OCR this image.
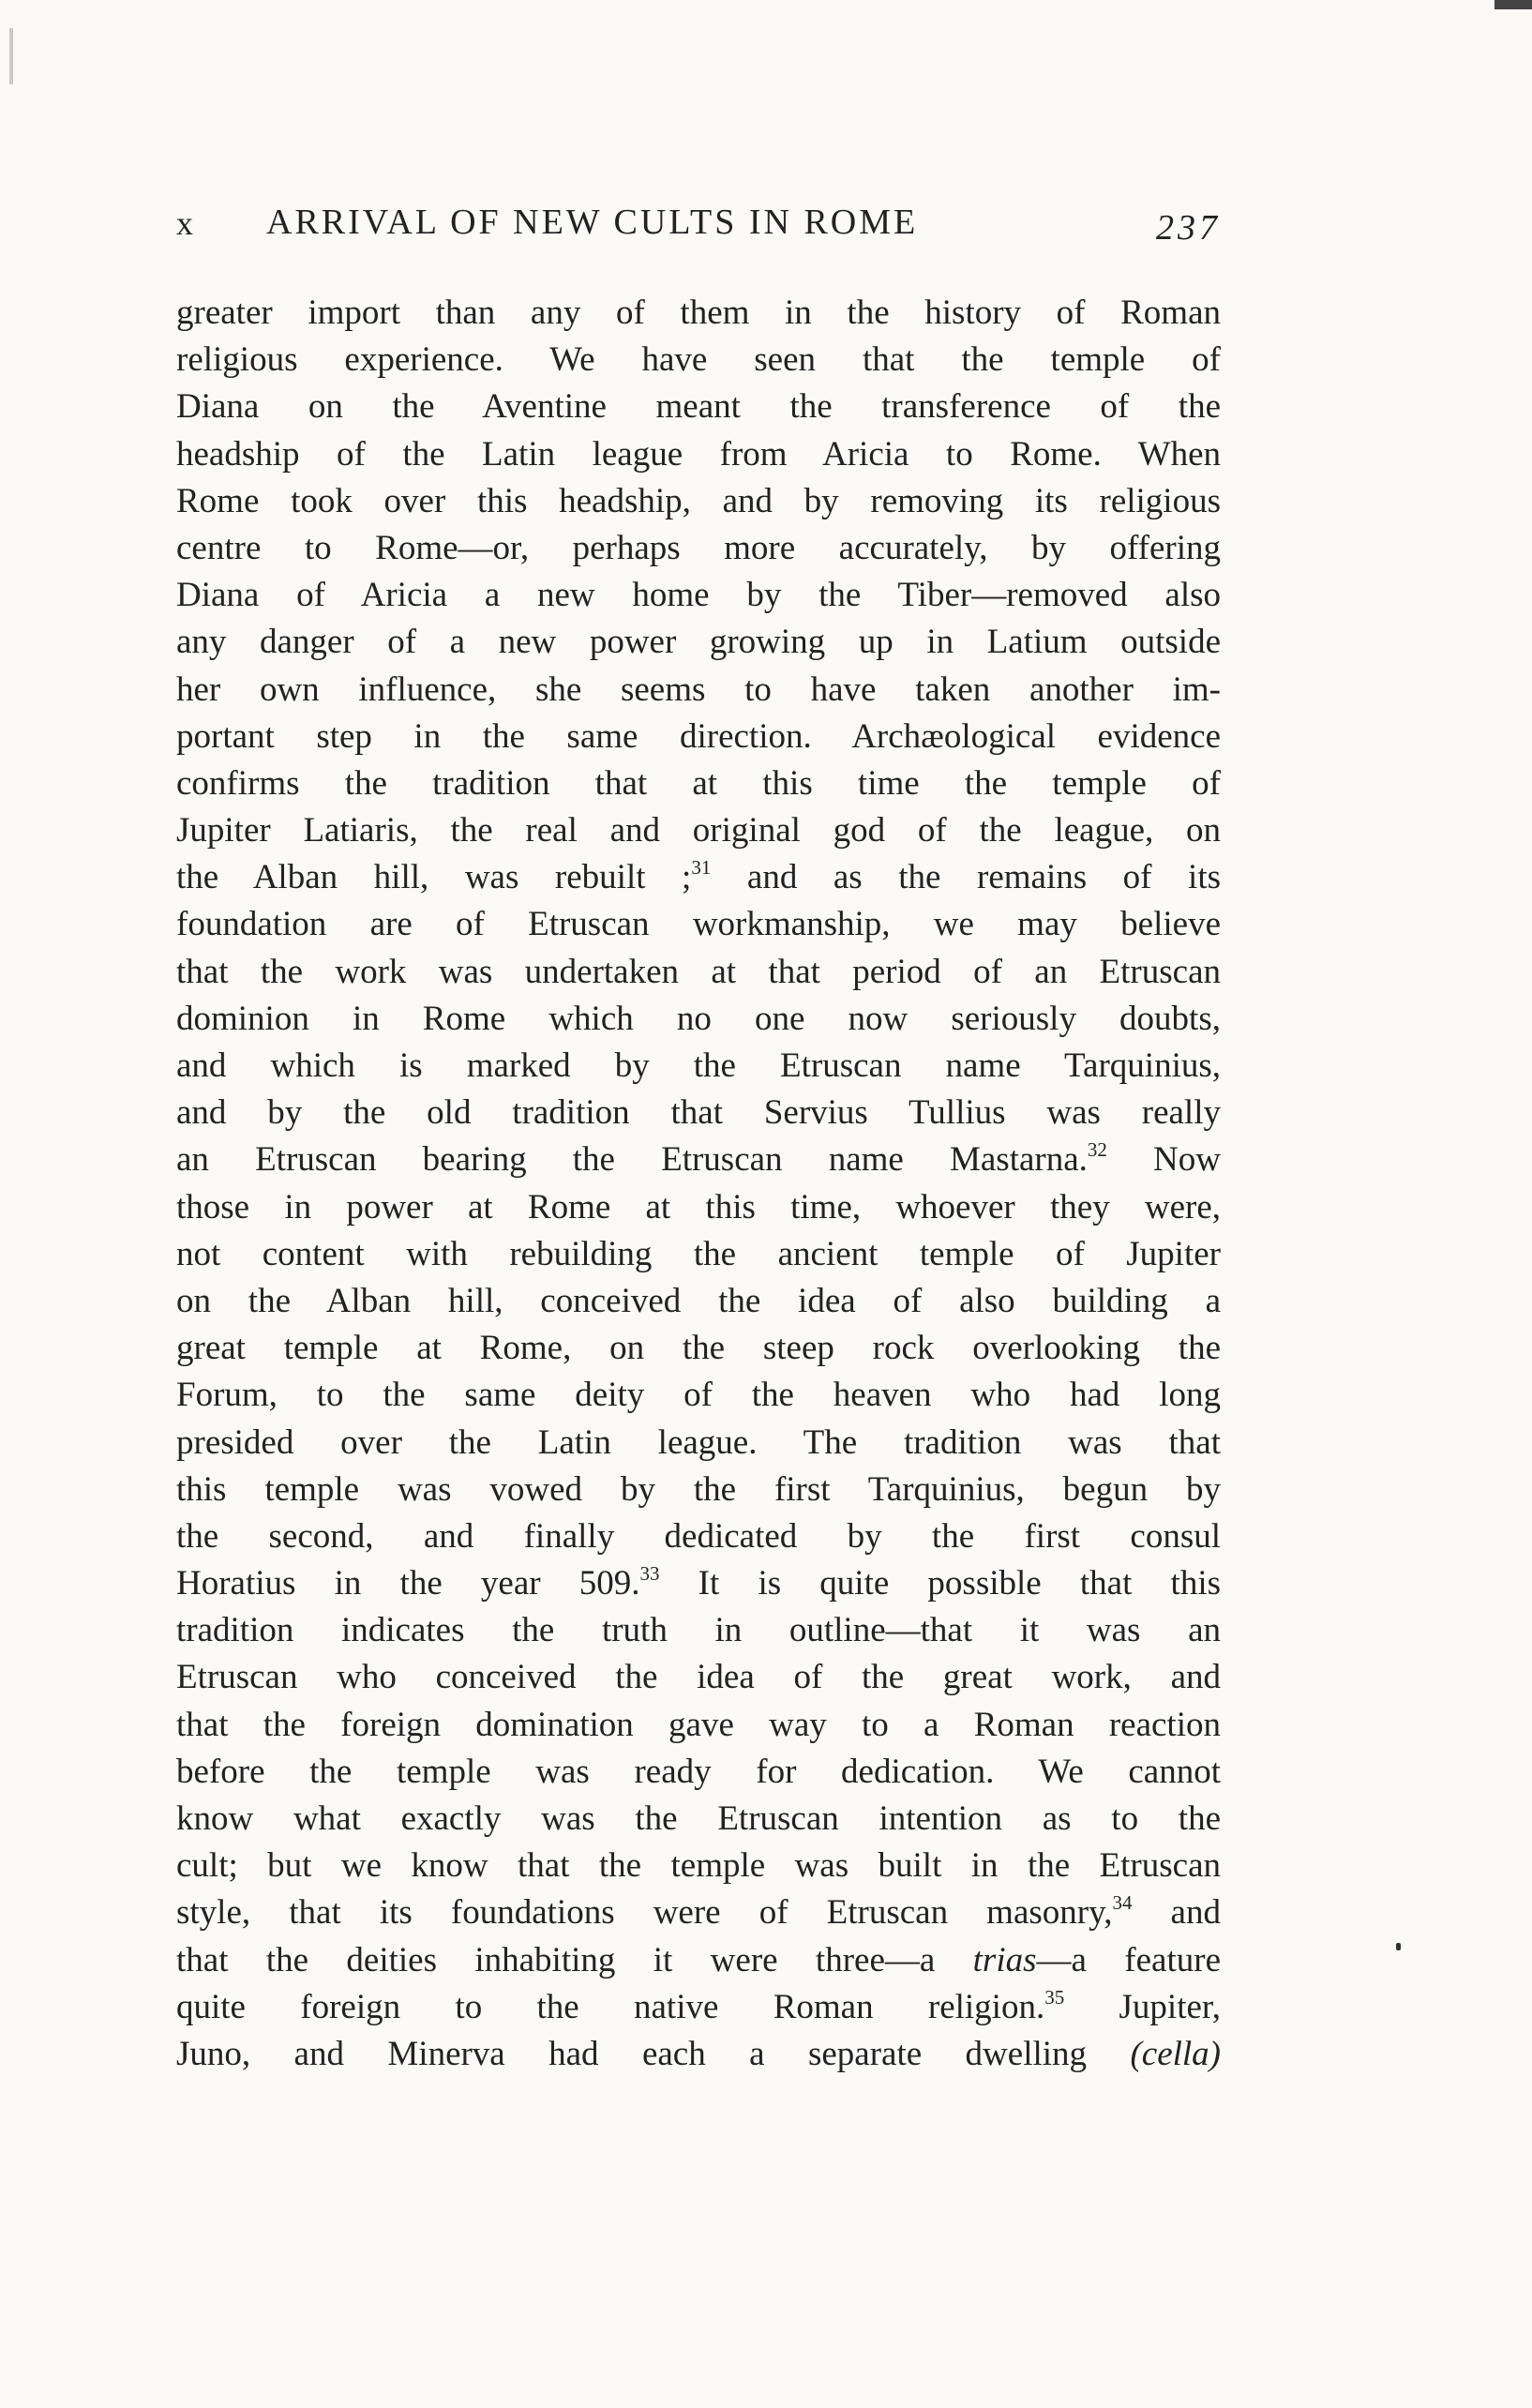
x ARRIVAL OF NEW CULTS IN ROME	237
greater import than any of them in the history of Roman
religious experience. We have seen that the temple of
Diana on the Aventine meant the transference of the
headship of the Latin league from Aricia to Rome. When
Rome took over this headship, and by removing its religious
centre to Rome—or, perhaps more accurately, by offering
Diana of Aricia a new home by the Tiber—removed also
any danger of a new power growing up in Latium outside
her own influence, she seems to have taken another im-
portant step in the same direction. Archæological evidence
confirms the tradition that at this time the temple of
Jupiter Latiaris, the real and original god of the league, on
the Alban hill, was rebuilt ;$^{31}$ and as the remains of its
foundation are of Etruscan workmanship, we may believe
that the work was undertaken at that period of an Etruscan
dominion in Rome which no one now seriously doubts,
and which is marked by the Etruscan name Tarquinius,
and by the old tradition that Servius Tullius was really
an Etruscan bearing the Etruscan name Mastarna.$^{32}$ Now
those in power at Rome at this time, whoever they were,
not content with rebuilding the ancient temple of Jupiter
on the Alban hill, conceived the idea of also building a
great temple at Rome, on the steep rock overlooking the
Forum, to the same deity of the heaven who had long
presided over the Latin league. The tradition was that
this temple was vowed by the first Tarquinius, begun by
the second, and finally dedicated by the first consul
Horatius in the year 509.33 It is quite possible that this
tradition indicates the truth in outline—that it was an
Etruscan who conceived the idea of the great work, and
that the foreign domination gave way to a Roman reaction
before the temple was ready for dedication. We cannot
know what exactly was the Etruscan intention as to the
cult; but we know that the temple was built in the Etruscan
style, that its foundations were of Etruscan masonry,$^{34}$ and
that the deities inhabiting it were three—a trias—a feature
quite foreign to the native Roman religion.$^{35}$ Jupiter,
Juno, and Minerva had each a separate dwelling (cella)
